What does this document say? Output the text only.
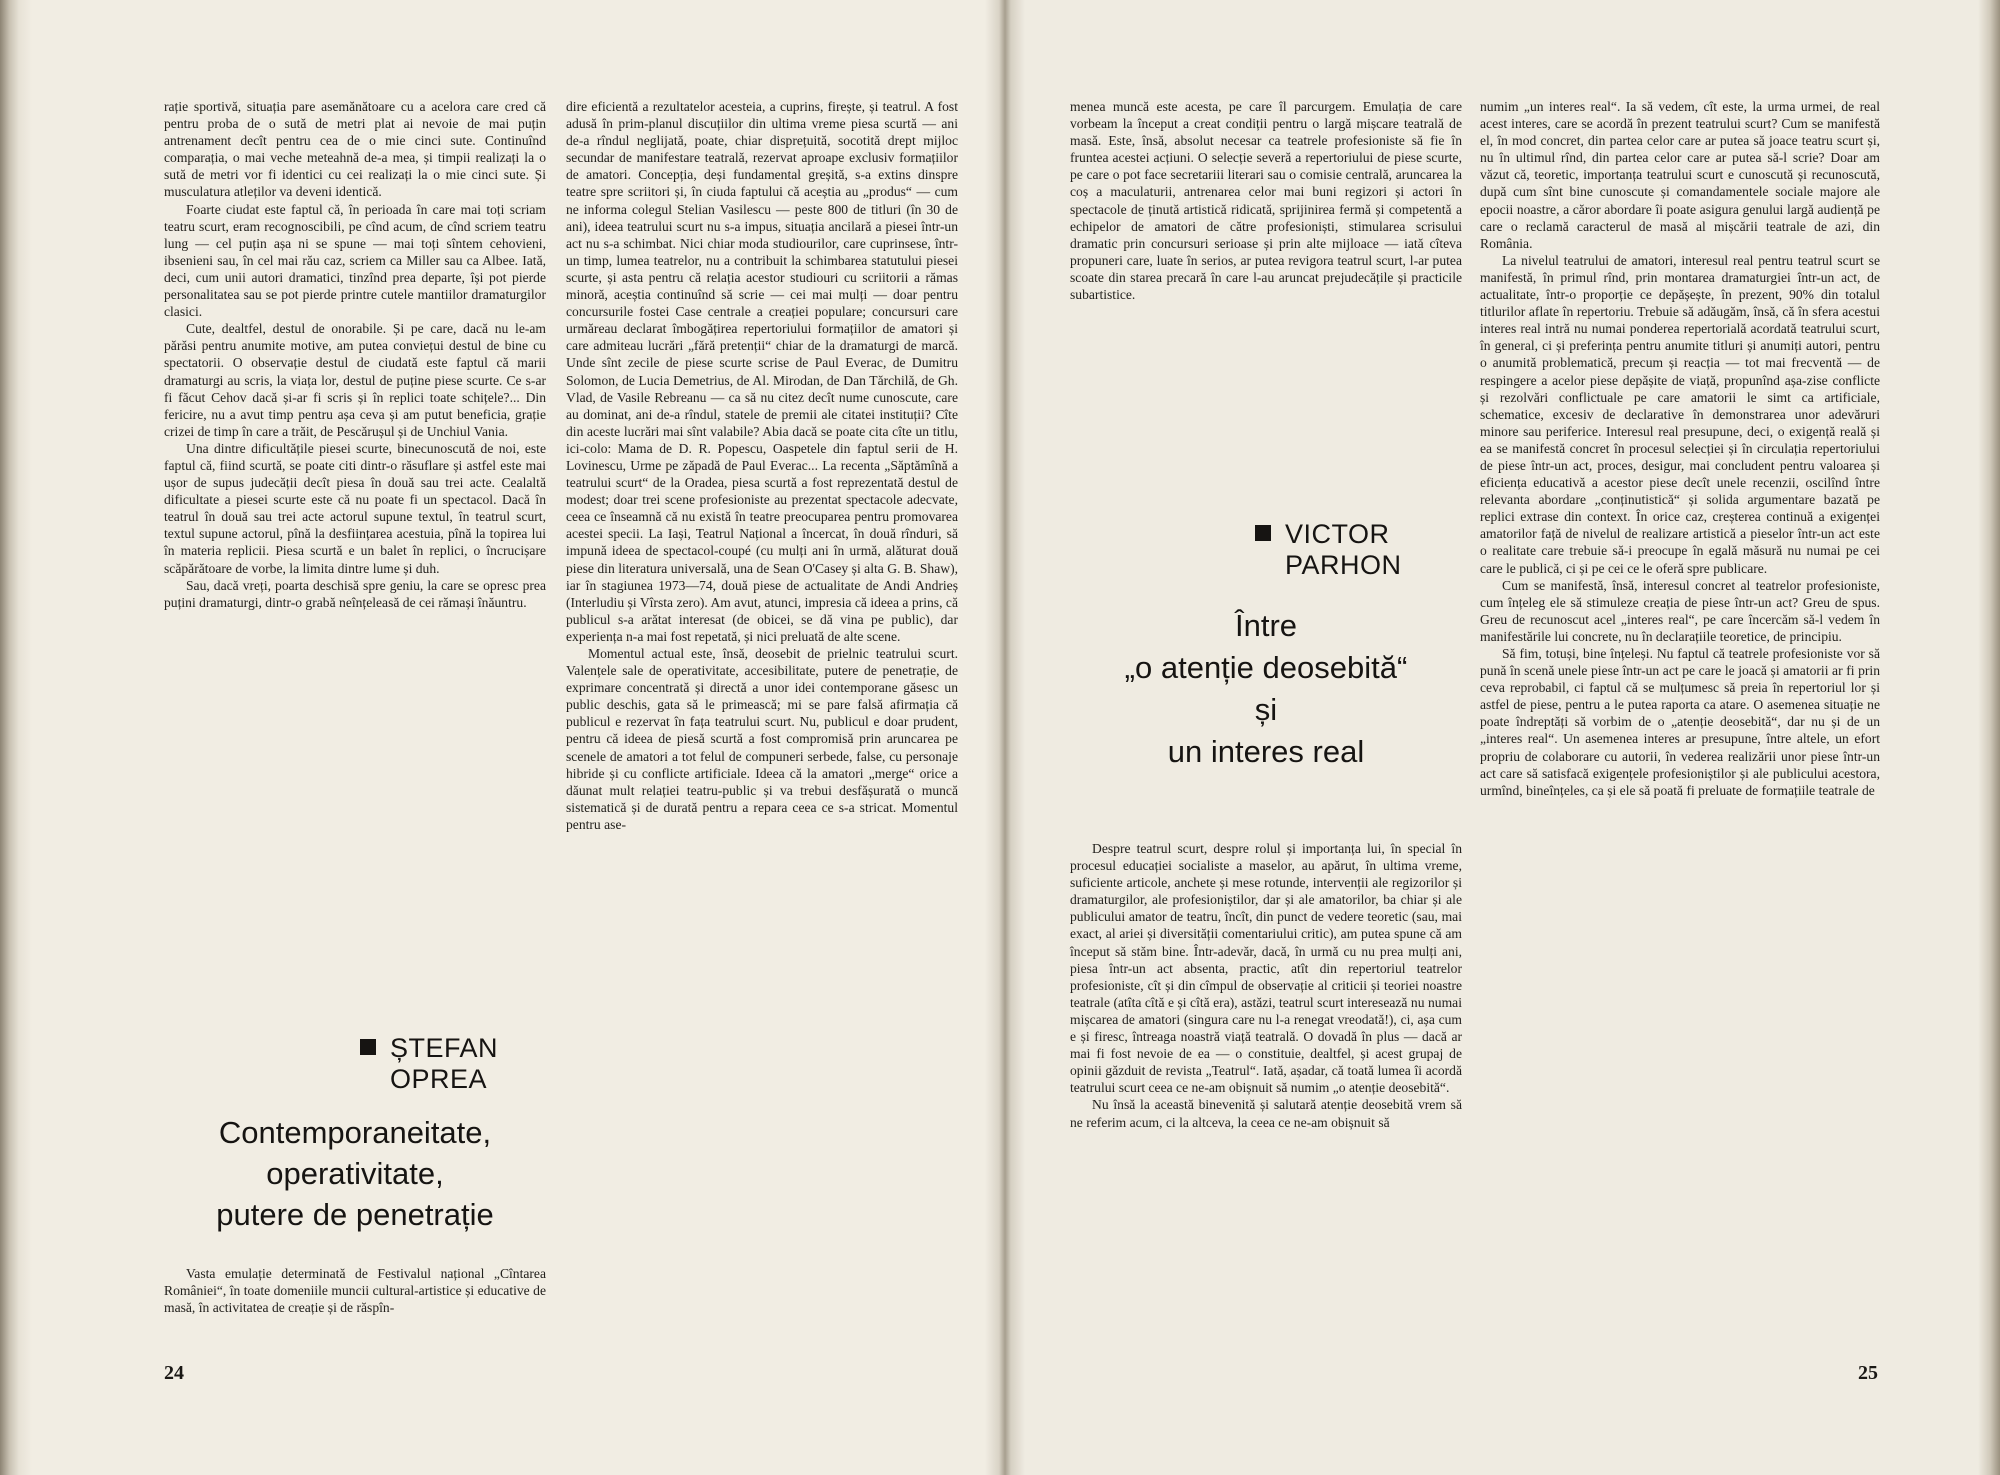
rație sportivă, situația pare asemănătoare cu a acelora care cred că pentru proba de o sută de metri plat ai nevoie de mai puțin antrenament decît pentru cea de o mie cinci sute. Continuînd comparația, o mai veche meteahnă de-a mea, și timpii realizați la o sută de metri vor fi identici cu cei realizați la o mie cinci sute. Și musculatura atleților va deveni identică.

Foarte ciudat este faptul că, în perioada în care mai toți scriam teatru scurt, eram recognoscibili, pe cînd acum, de cînd scriem teatru lung — cel puțin așa ni se spune — mai toți sîntem cehovieni, ibsenieni sau, în cel mai rău caz, scriem ca Miller sau ca Albee. Iată, deci, cum unii autori dramatici, tinzînd prea departe, își pot pierde personalitatea sau se pot pierde printre cutele mantiilor dramaturgilor clasici.

Cute, dealtfel, destul de onorabile. Și pe care, dacă nu le-am părăsi pentru anumite motive, am putea conviețui destul de bine cu spectatorii. O observație destul de ciudată este faptul că marii dramaturgi au scris, la viața lor, destul de puține piese scurte. Ce s-ar fi făcut Cehov dacă și-ar fi scris și în replici toate schițele?... Din fericire, nu a avut timp pentru așa ceva și am putut beneficia, grație crizei de timp în care a trăit, de Pescărușul și de Unchiul Vania.

Una dintre dificultățile piesei scurte, binecunoscută de noi, este faptul că, fiind scurtă, se poate citi dintr-o răsuflare și astfel este mai ușor de supus judecății decît piesa în două sau trei acte. Cealaltă dificultate a piesei scurte este că nu poate fi un spectacol. Dacă în teatrul în două sau trei acte actorul supune textul, în teatrul scurt, textul supune actorul, pînă la desființarea acestuia, pînă la topirea lui în materia replicii. Piesa scurtă e un balet în replici, o încrucișare scăpărătoare de vorbe, la limita dintre lume și duh.

Sau, dacă vreți, poarta deschisă spre geniu, la care se opresc prea puțini dramaturgi, dintr-o grabă neînțeleasă de cei rămași înăuntru.

ȘTEFAN
OPREA
Contemporaneitate,
operativitate,
putere de penetrație

Vasta emulație determinată de Festivalul național „Cîntarea României“, în toate domeniile muncii cultural-artistice și educative de masă, în activitatea de creație și de răspîn-

dire eficientă a rezultatelor acesteia, a cuprins, firește, și teatrul. A fost adusă în prim-planul discuțiilor din ultima vreme piesa scurtă — ani de-a rîndul neglijată, poate, chiar disprețuită, socotită drept mijloc secundar de manifestare teatrală, rezervat aproape exclusiv formațiilor de amatori. Concepția, deși fundamental greșită, s-a extins dinspre teatre spre scriitori și, în ciuda faptului că aceștia au „produs“ — cum ne informa colegul Stelian Vasilescu — peste 800 de titluri (în 30 de ani), ideea teatrului scurt nu s-a impus, situația ancilară a piesei într-un act nu s-a schimbat. Nici chiar moda studiourilor, care cuprinsese, într-un timp, lumea teatrelor, nu a contribuit la schimbarea statutului piesei scurte, și asta pentru că relația acestor studiouri cu scriitorii a rămas minoră, aceștia continuînd să scrie — cei mai mulți — doar pentru concursurile fostei Case centrale a creației populare; concursuri care urmăreau declarat îmbogățirea repertoriului formațiilor de amatori și care admiteau lucrări „fără pretenții“ chiar de la dramaturgi de marcă. Unde sînt zecile de piese scurte scrise de Paul Everac, de Dumitru Solomon, de Lucia Demetrius, de Al. Mirodan, de Dan Tărchilă, de Gh. Vlad, de Vasile Rebreanu — ca să nu citez decît nume cunoscute, care au dominat, ani de-a rîndul, statele de premii ale citatei instituții? Cîte din aceste lucrări mai sînt valabile? Abia dacă se poate cita cîte un titlu, ici-colo: Mama de D. R. Popescu, Oaspetele din faptul serii de H. Lovinescu, Urme pe zăpadă de Paul Everac... La recenta „Săptămînă a teatrului scurt“ de la Oradea, piesa scurtă a fost reprezentată destul de modest; doar trei scene profesioniste au prezentat spectacole adecvate, ceea ce înseamnă că nu există în teatre preocuparea pentru promovarea acestei specii. La Iași, Teatrul Național a încercat, în două rînduri, să impună ideea de spectacol-coupé (cu mulți ani în urmă, alăturat două piese din literatura universală, una de Sean O'Casey și alta G. B. Shaw), iar în stagiunea 1973—74, două piese de actualitate de Andi Andrieș (Interludiu și Vîrsta zero). Am avut, atunci, impresia că ideea a prins, că publicul s-a arătat interesat (de obicei, se dă vina pe public), dar experiența n-a mai fost repetată, și nici preluată de alte scene.

Momentul actual este, însă, deosebit de prielnic teatrului scurt. Valențele sale de operativitate, accesibilitate, putere de penetrație, de exprimare concentrată și directă a unor idei contemporane găsesc un public deschis, gata să le primească; mi se pare falsă afirmația că publicul e rezervat în fața teatrului scurt. Nu, publicul e doar prudent, pentru că ideea de piesă scurtă a fost compromisă prin aruncarea pe scenele de amatori a tot felul de compuneri serbede, false, cu personaje hibride și cu conflicte artificiale. Ideea că la amatori „merge“ orice a dăunat mult relației teatru-public și va trebui desfășurată o muncă sistematică și de durată pentru a repara ceea ce s-a stricat. Momentul pentru ase-

24

menea muncă este acesta, pe care îl parcurgem. Emulația de care vorbeam la început a creat condiții pentru o largă mișcare teatrală de masă. Este, însă, absolut necesar ca teatrele profesioniste să fie în fruntea acestei acțiuni. O selecție severă a repertoriului de piese scurte, pe care o pot face secretariii literari sau o comisie centrală, aruncarea la coș a maculaturii, antrenarea celor mai buni regizori și actori în spectacole de ținută artistică ridicată, sprijinirea fermă și competentă a echipelor de amatori de către profesioniști, stimularea scrisului dramatic prin concursuri serioase și prin alte mijloace — iată cîteva propuneri care, luate în serios, ar putea revigora teatrul scurt, l-ar putea scoate din starea precară în care l-au aruncat prejudecățile și practicile subartistice.

VICTOR
PARHON
Între
„o atenție deosebită“
și
un interes real

Despre teatrul scurt, despre rolul și importanța lui, în special în procesul educației socialiste a maselor, au apărut, în ultima vreme, suficiente articole, anchete și mese rotunde, intervenții ale regizorilor și dramaturgilor, ale profesioniștilor, dar și ale amatorilor, ba chiar și ale publicului amator de teatru, încît, din punct de vedere teoretic (sau, mai exact, al ariei și diversității comentariului critic), am putea spune că am început să stăm bine. Într-adevăr, dacă, în urmă cu nu prea mulți ani, piesa într-un act absenta, practic, atît din repertoriul teatrelor profesioniste, cît și din cîmpul de observație al criticii și teoriei noastre teatrale (atîta cîtă e și cîtă era), astăzi, teatrul scurt interesează nu numai mișcarea de amatori (singura care nu l-a renegat vreodată!), ci, așa cum e și firesc, întreaga noastră viață teatrală. O dovadă în plus — dacă ar mai fi fost nevoie de ea — o constituie, dealtfel, și acest grupaj de opinii găzduit de revista „Teatrul“. Iată, așadar, că toată lumea îi acordă teatrului scurt ceea ce ne-am obișnuit să numim „o atenție deosebită“.

Nu însă la această binevenită și salutară atenție deosebită vrem să ne referim acum, ci la altceva, la ceea ce ne-am obișnuit să

numim „un interes real“. Ia să vedem, cît este, la urma urmei, de real acest interes, care se acordă în prezent teatrului scurt? Cum se manifestă el, în mod concret, din partea celor care ar putea să joace teatru scurt și, nu în ultimul rînd, din partea celor care ar putea să-l scrie? Doar am văzut că, teoretic, importanța teatrului scurt e cunoscută și recunoscută, după cum sînt bine cunoscute și comandamentele sociale majore ale epocii noastre, a căror abordare îi poate asigura genului largă audiență pe care o reclamă caracterul de masă al mișcării teatrale de azi, din România.

La nivelul teatrului de amatori, interesul real pentru teatrul scurt se manifestă, în primul rînd, prin montarea dramaturgiei într-un act, de actualitate, într-o proporție ce depășește, în prezent, 90% din totalul titlurilor aflate în repertoriu. Trebuie să adăugăm, însă, că în sfera acestui interes real intră nu numai ponderea repertorială acordată teatrului scurt, în general, ci și preferința pentru anumite titluri și anumiți autori, pentru o anumită problematică, precum și reacția — tot mai frecventă — de respingere a acelor piese depășite de viață, propunînd așa-zise conflicte și rezolvări conflictuale pe care amatorii le simt ca artificiale, schematice, excesiv de declarative în demonstrarea unor adevăruri minore sau periferice. Interesul real presupune, deci, o exigență reală și ea se manifestă concret în procesul selecției și în circulația repertoriului de piese într-un act, proces, desigur, mai concludent pentru valoarea și eficiența educativă a acestor piese decît unele recenzii, oscilînd între relevanta abordare „conținutistică“ și solida argumentare bazată pe replici extrase din context. În orice caz, creșterea continuă a exigenței amatorilor față de nivelul de realizare artistică a pieselor într-un act este o realitate care trebuie să-i preocupe în egală măsură nu numai pe cei care le publică, ci și pe cei ce le oferă spre publicare.

Cum se manifestă, însă, interesul concret al teatrelor profesioniste, cum înțeleg ele să stimuleze creația de piese într-un act? Greu de spus. Greu de recunoscut acel „interes real“, pe care încercăm să-l vedem în manifestările lui concrete, nu în declarațiile teoretice, de principiu.

Să fim, totuși, bine înțeleși. Nu faptul că teatrele profesioniste vor să pună în scenă unele piese într-un act pe care le joacă și amatorii ar fi prin ceva reprobabil, ci faptul că se mulțumesc să preia în repertoriul lor și astfel de piese, pentru a le putea raporta ca atare. O asemenea situație ne poate îndreptăți să vorbim de o „atenție deosebită“, dar nu și de un „interes real“. Un asemenea interes ar presupune, între altele, un efort propriu de colaborare cu autorii, în vederea realizării unor piese într-un act care să satisfacă exigențele profesioniștilor și ale publicului acestora, urmînd, bineînțeles, ca și ele să poată fi preluate de formațiile teatrale de

25
